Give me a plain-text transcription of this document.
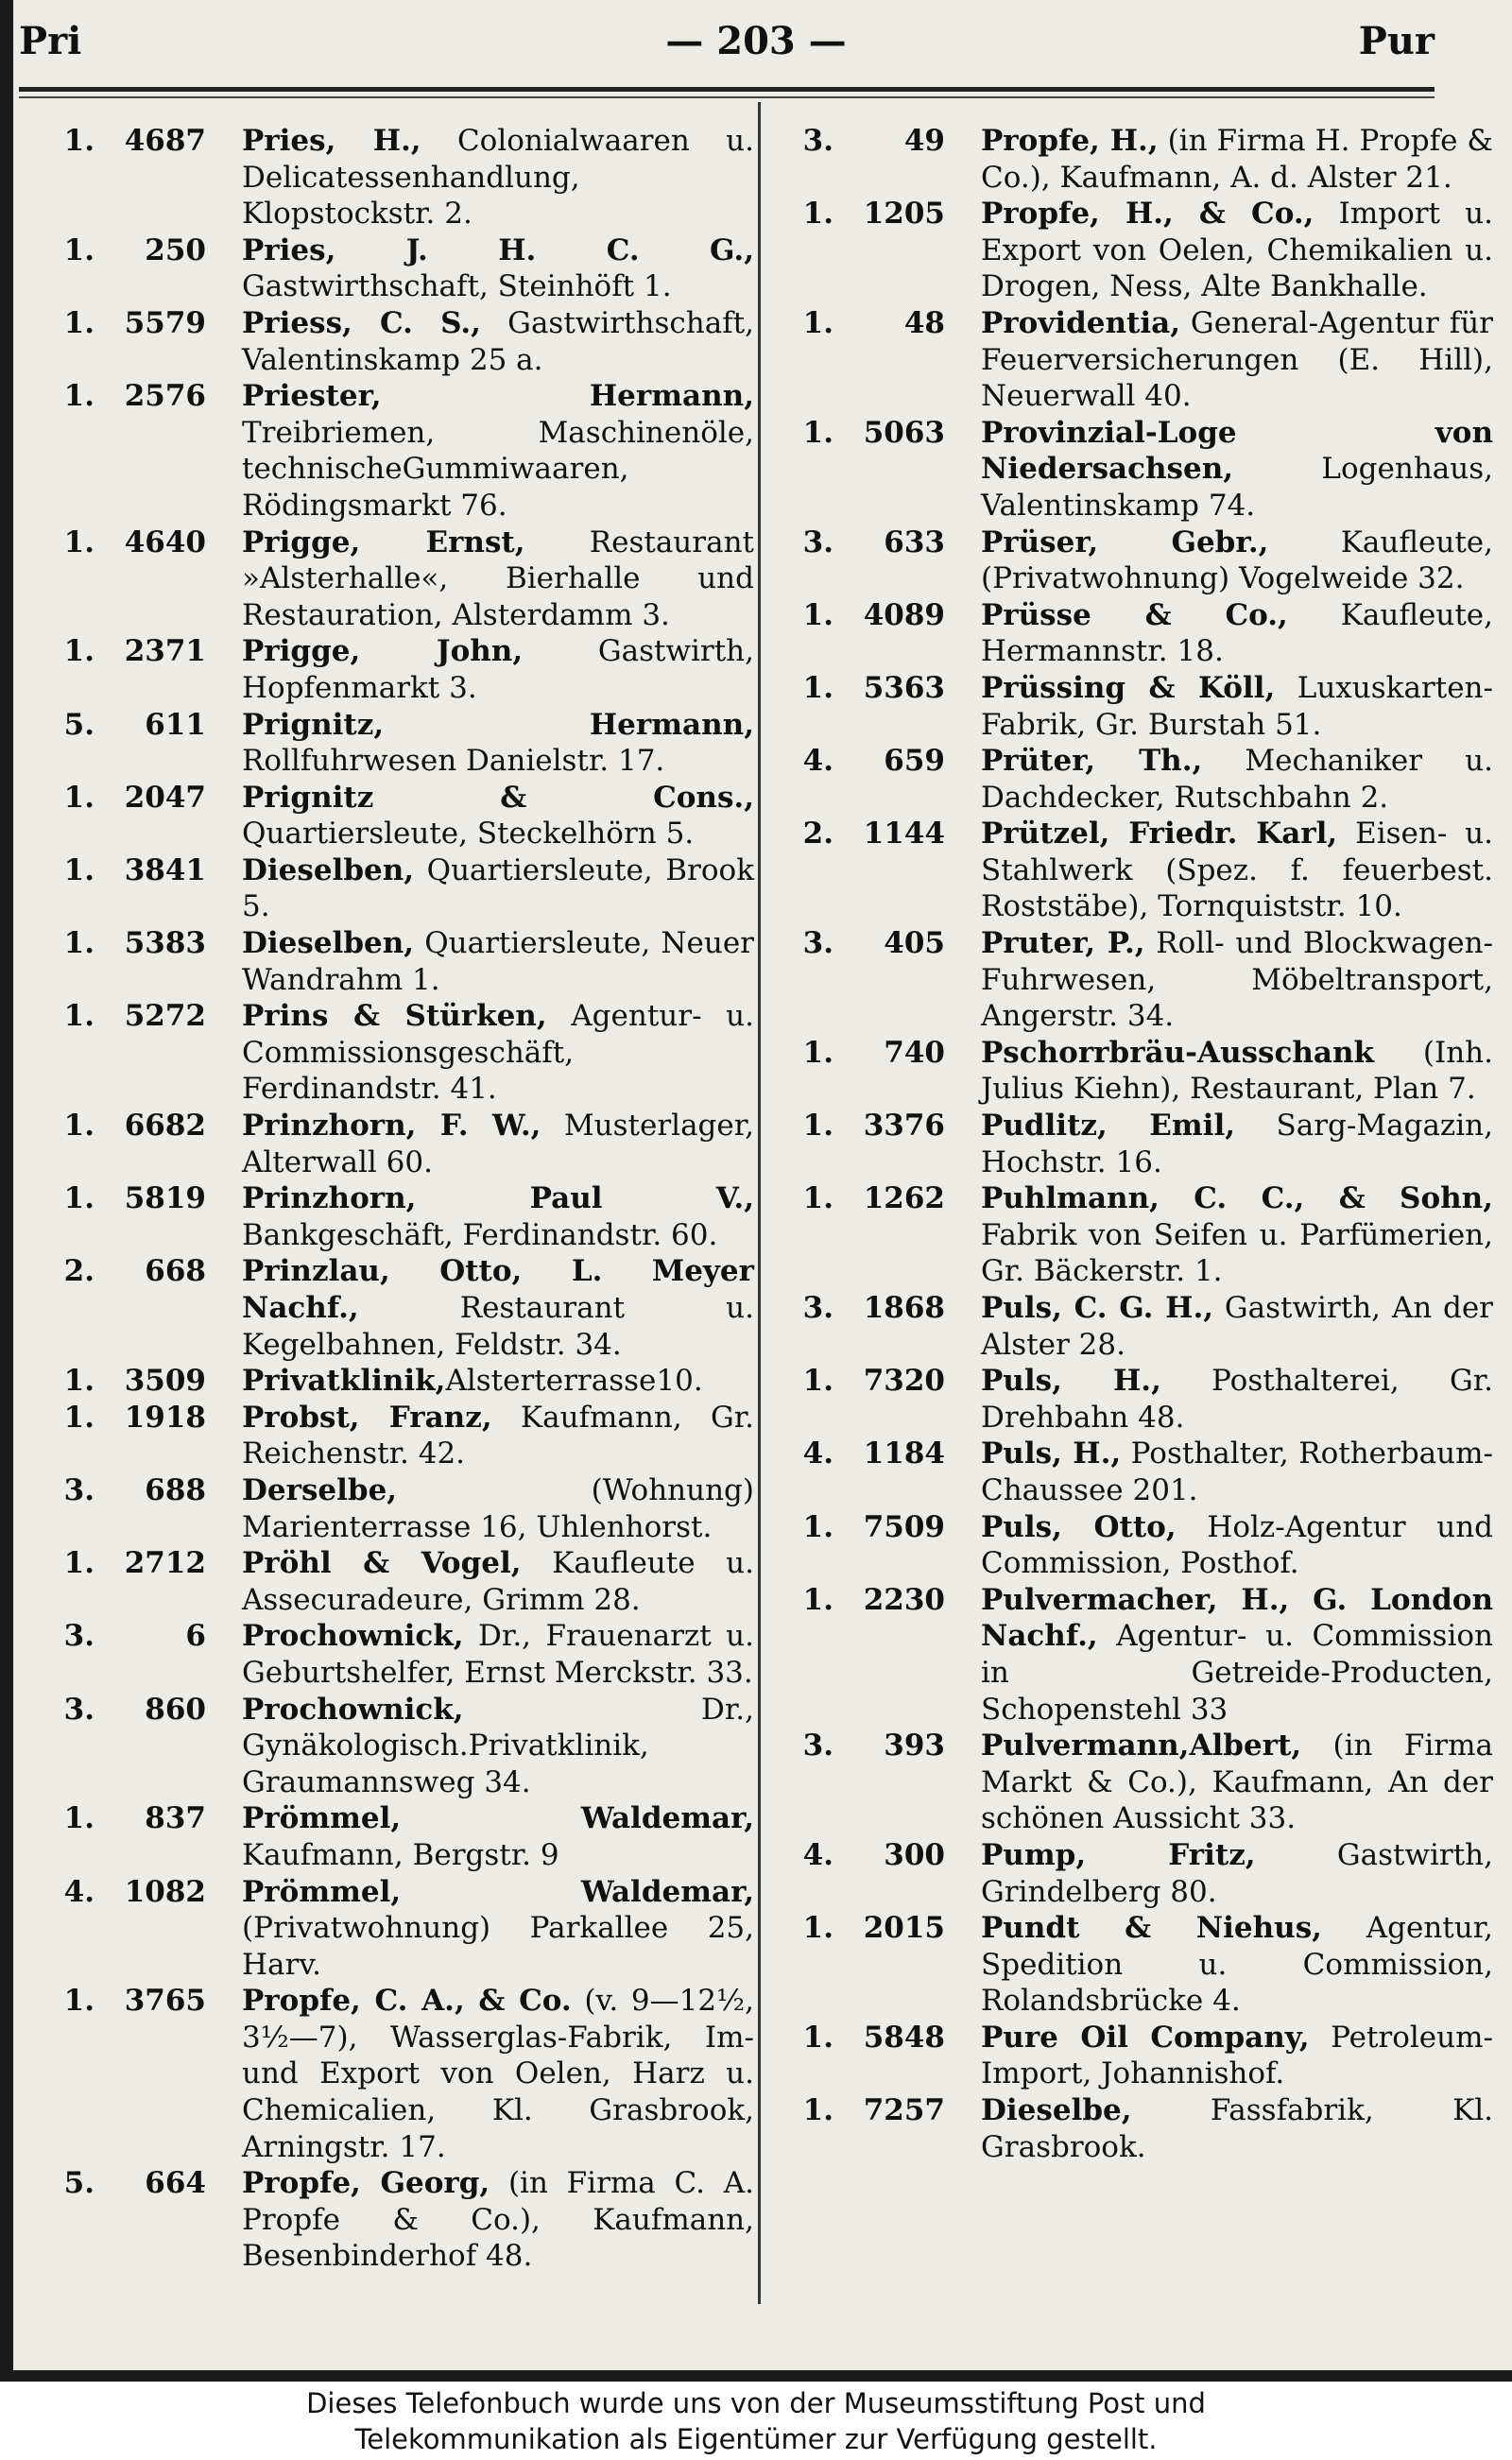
Pri	— 203 —	Pur
1.	4687	Pries, H., Colonialwaaren u. Delicatessenhandlung, Klopstockstr. 2.
1.	250	Pries, J. H. C. G., Gastwirthschaft, Steinhöft 1.
1.	5579	Priess, C. S., Gastwirthschaft, Valentinskamp 25 a.
1.	2576	Priester, Hermann, Treibriemen, Maschinenöle, technischeGummiwaaren, Rödingsmarkt 76.
1.	4640	Prigge, Ernst, Restaurant »Alsterhalle«, Bierhalle und Restauration, Alsterdamm 3.
1.	2371	Prigge, John, Gastwirth, Hopfenmarkt 3.
5.	611	Prignitz, Hermann, Rollfuhrwesen Danielstr. 17.
1.	2047	Prignitz & Cons., Quartiersleute, Steckelhörn 5.
1.	3841	Dieselben, Quartiersleute, Brook 5.
1.	5383	Dieselben, Quartiersleute, Neuer Wandrahm 1.
1.	5272	Prins & Stürken, Agentur- u. Commissionsgeschäft, Ferdinandstr. 41.
1.	6682	Prinzhorn, F. W., Musterlager, Alterwall 60.
1.	5819	Prinzhorn, Paul V., Bankgeschäft, Ferdinandstr. 60.
2.	668	Prinzlau, Otto, L. Meyer Nachf., Restaurant u. Kegelbahnen, Feldstr. 34.
1.	3509	Privatklinik,Alsterterrasse10.
1.	1918	Probst, Franz, Kaufmann, Gr. Reichenstr. 42.
3.	688	Derselbe, (Wohnung) Marienterrasse 16, Uhlenhorst.
1.	2712	Pröhl & Vogel, Kaufleute u. Assecuradeure, Grimm 28.
3.	6	Prochownick, Dr., Frauenarzt u. Geburtshelfer, Ernst Merckstr. 33.
3.	860	Prochownick, Dr., Gynäkologisch.Privatklinik, Graumannsweg 34.
1.	837	Prömmel, Waldemar, Kaufmann, Bergstr. 9
4.	1082	Prömmel, Waldemar, (Privatwohnung) Parkallee 25, Harv.
1.	3765	Propfe, C. A., & Co. (v. 9—12½, 3½—7), Wasserglas-Fabrik, Im- und Export von Oelen, Harz u. Chemicalien, Kl. Grasbrook, Arningstr. 17.
5.	664	Propfe, Georg, (in Firma C. A. Propfe & Co.), Kaufmann, Besenbinderhof 48.
3.	49	Propfe, H., (in Firma H. Propfe & Co.), Kaufmann, A. d. Alster 21.
1.	1205	Propfe, H., & Co., Import u. Export von Oelen, Chemikalien u. Drogen, Ness, Alte Bankhalle.
1.	48	Providentia, General-Agentur für Feuerversicherungen (E. Hill), Neuerwall 40.
1.	5063	Provinzial-Loge von Niedersachsen, Logenhaus, Valentinskamp 74.
3.	633	Prüser, Gebr., Kaufleute, (Privatwohnung) Vogelweide 32.
1.	4089	Prüsse & Co., Kaufleute, Hermannstr. 18.
1.	5363	Prüssing & Köll, Luxuskarten-Fabrik, Gr. Burstah 51.
4.	659	Prüter, Th., Mechaniker u. Dachdecker, Rutschbahn 2.
2.	1144	Prützel, Friedr. Karl, Eisen- u. Stahlwerk (Spez. f. feuerbest. Roststäbe), Tornquiststr. 10.
3.	405	Pruter, P., Roll- und Blockwagen-Fuhrwesen, Möbeltransport, Angerstr. 34.
1.	740	Pschorrbräu-Ausschank (Inh. Julius Kiehn), Restaurant, Plan 7.
1.	3376	Pudlitz, Emil, Sarg-Magazin, Hochstr. 16.
1.	1262	Puhlmann, C. C., & Sohn, Fabrik von Seifen u. Parfümerien, Gr. Bäckerstr. 1.
3.	1868	Puls, C. G. H., Gastwirth, An der Alster 28.
1.	7320	Puls, H., Posthalterei, Gr. Drehbahn 48.
4.	1184	Puls, H., Posthalter, Rotherbaum-Chaussee 201.
1.	7509	Puls, Otto, Holz-Agentur und Commission, Posthof.
1.	2230	Pulvermacher, H., G. London Nachf., Agentur- u. Commission in Getreide-Producten, Schopenstehl 33
3.	393	Pulvermann,Albert, (in Firma Markt & Co.), Kaufmann, An der schönen Aussicht 33.
4.	300	Pump, Fritz, Gastwirth, Grindelberg 80.
1.	2015	Pundt & Niehus, Agentur, Spedition u. Commission, Rolandsbrücke 4.
1.	5848	Pure Oil Company, Petroleum-Import, Johannishof.
1.	7257	Dieselbe, Fassfabrik, Kl. Grasbrook.
Dieses Telefonbuch wurde uns von der Museumsstiftung Post und
Telekommunikation als Eigentümer zur Verfügung gestellt.
